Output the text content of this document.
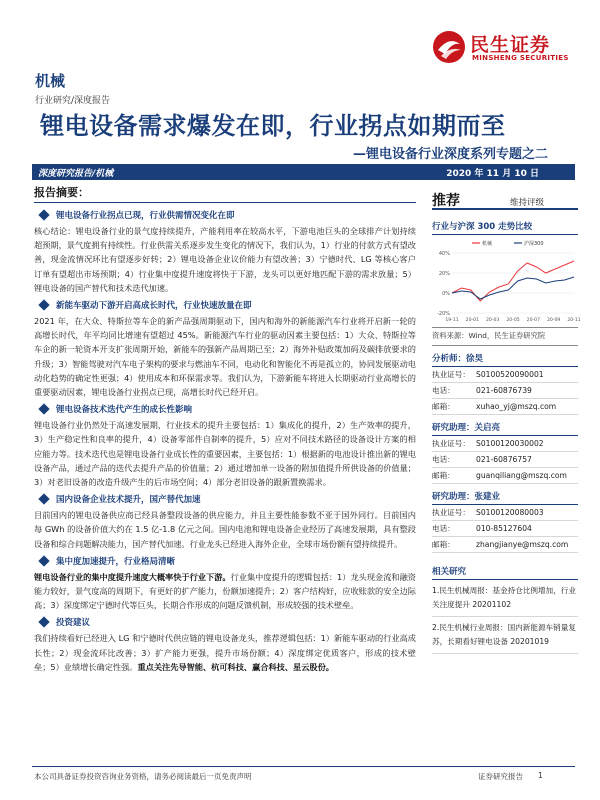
民生证券
MINSHENG SECURITIES
机械
行业研究/深度报告
锂电设备需求爆发在即，行业拐点如期而至
—锂电设备行业深度系列专题之二
深度研究报告/机械	2020 年 11 月 10 日
报告摘要：
锂电设备行业拐点已现，行业供需情况变化在即
核心结论：锂电设备行业的景气度持续提升，产能利用率在较高水平，下游电池巨头的全球排产计划持续超预期，景气度拥有持续性。行业供需关系逐步发生变化的情况下，我们认为，1）行业的付款方式有望改善，现金流情况环比有望逐步好转；2）锂电设备企业议价能力有望改善；3）宁德时代、LG 等核心客户订单有望超出市场预期；4）行业集中度提升速度将快于下游，龙头可以更好地匹配下游的需求放量；5）锂电设备的国产替代和技术迭代加速。
新能车驱动下游开启高成长时代，行业快速放量在即
2021 年，在大众、特斯拉等车企的新产品强周期驱动下，国内和海外的新能源汽车行业将开启新一轮的高增长时代，年平均同比增速有望超过 45%。新能源汽车行业的驱动因素主要包括：1）大众、特斯拉等车企的新一轮资本开支扩张周期开始，新能车的强新产品周期已至；2）海外补贴政策加码及碳排放要求的升级；3）智能驾驶对汽车电子架构的要求与燃油车不同，电动化和智能化不再是孤立的，协同发展驱动电动化趋势的确定性更强；4）使用成本和环保需求等。我们认为，下游新能车将进入长期驱动行业高增长的重要驱动因素，锂电设备行业拐点已现，高增长时代已经开启。
锂电设备技术迭代产生的成长性影响
锂电设备行业仍然处于高速发展期，行业技术的提升主要包括：1）集成化的提升，2）生产效率的提升，3）生产稳定性和良率的提升，4）设备零部件自制率的提升，5）应对不同技术路径的设备设计方案的相应能力等。技术迭代也是锂电设备行业成长性的重要因素，主要包括：1）根据新的电池设计推出新的锂电设备产品，通过产品的迭代去提升产品的价值量；2）通过增加单一设备的附加值提升所供设备的价值量；3）对老旧设备的改造升级产生的后市场空间；4）部分老旧设备的跟新置换需求。
国内设备企业技术提升，国产替代加速
目前国内的锂电设备供应商已经具备整段设备的供应能力，并且主要性能参数不亚于国外同行。目前国内每 GWh 的设备价值大约在 1.5 亿-1.8 亿元之间。国内电池和锂电设备企业经历了高速发展期，具有整段设备和综合问题解决能力，国产替代加速。行业龙头已经进入海外企业，全球市场份额有望持续提升。
集中度加速提升，行业格局清晰
锂电设备行业的集中度提升速度大概率快于行业下游。行业集中度提升的逻辑包括：1）龙头现金流和融资能力较好，景气度高的周期下，有更好的扩产能力，份额加速提升；2）客户结构好，应收账款的安全边际高；3）深度绑定宁德时代等巨头，长期合作形成的问题反馈机制，形成较强的技术壁垒。
投资建议
我们持续看好已经进入 LG 和宁德时代供应链的锂电设备龙头，推荐逻辑包括：1）新能车驱动的行业高成长性；2）现金流环比改善；3）扩产能力更强，提升市场份额；4）深度绑定优质客户，形成的技术壁垒；5）业绩增长确定性强。重点关注先导智能、杭可科技、赢合科技、星云股份。
推荐	维持评级
行业与沪深 300 走势比较
40%
20%
0%
-20%
19-11 20-01 20-03 20-05 20-07 20-09 20-11
机械	沪深300
资料来源：Wind，民生证券研究院
分析师：徐昊
执业证号： S0100520090001
电话：	021-60876739
邮箱：	xuhao_yj@mszq.com
研究助理：关启亮
执业证号： S0100120030002
电话：	021-60876757
邮箱：	guanqiliang@mszq.com
研究助理：张建业
执业证号： S0100120080003
电话：	010-85127604
邮箱：	zhangjianye@mszq.com
相关研究
1.民生机械周报：基金持仓比例增加，行业关注度提升 20201102
2.民生机械行业周报：国内新能源车销量复苏，长期看好锂电设备 20201019
本公司具备证券投资咨询业务资格，请务必阅读最后一页免责声明	证券研究报告 1
